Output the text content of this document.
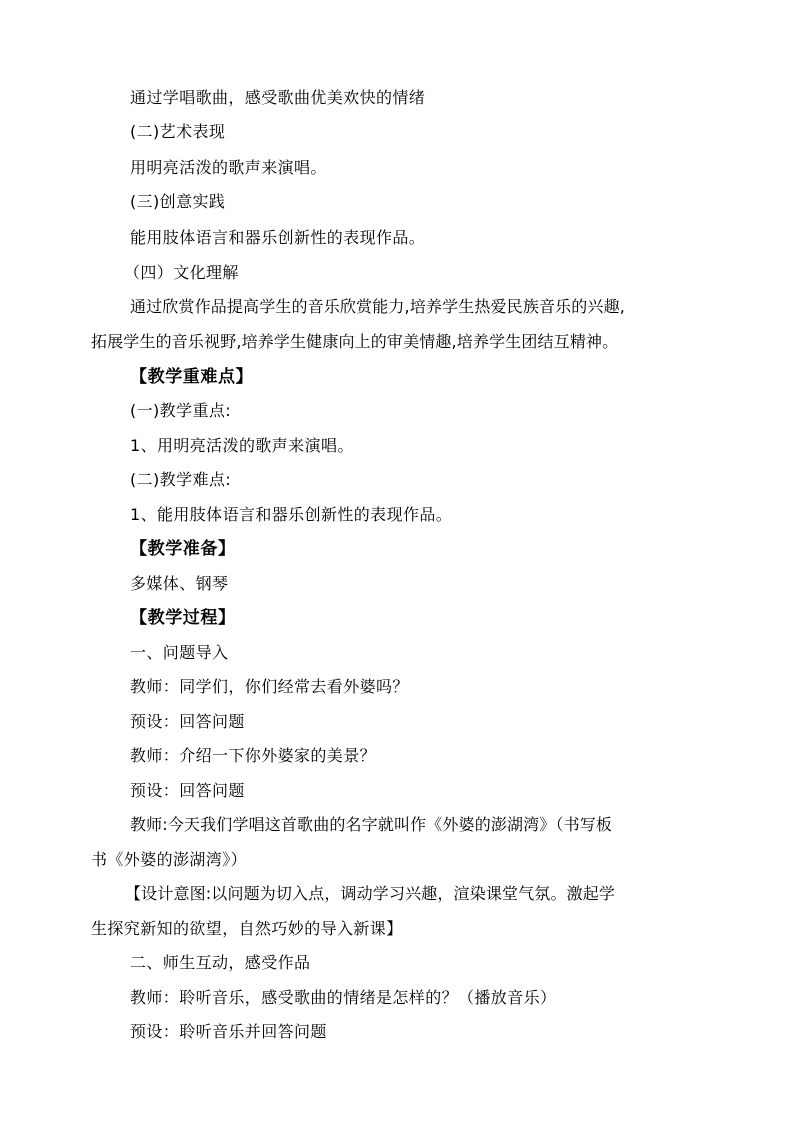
通过学唱歌曲，感受歌曲优美欢快的情绪
(二)艺术表现
用明亮活泼的歌声来演唱。
(三)创意实践
能用肢体语言和器乐创新性的表现作品。
（四）文化理解
通过欣赏作品提高学生的音乐欣赏能力,培养学生热爱民族音乐的兴趣,
拓展学生的音乐视野,培养学生健康向上的审美情趣,培养学生团结互精神。
【教学重难点】
(一)教学重点:
1、用明亮活泼的歌声来演唱。
(二)教学难点:
1、能用肢体语言和器乐创新性的表现作品。
【教学准备】
多媒体、钢琴
【教学过程】
一、问题导入
教师：同学们，你们经常去看外婆吗？
预设：回答问题
教师：介绍一下你外婆家的美景？
预设：回答问题
教师:今天我们学唱这首歌曲的名字就叫作《外婆的澎湖湾》（书写板
书《外婆的澎湖湾》）
【设计意图:以问题为切入点，调动学习兴趣，渲染课堂气氛。激起学
生探究新知的欲望，自然巧妙的导入新课】
二、师生互动，感受作品
教师：聆听音乐，感受歌曲的情绪是怎样的？（播放音乐）
预设：聆听音乐并回答问题
